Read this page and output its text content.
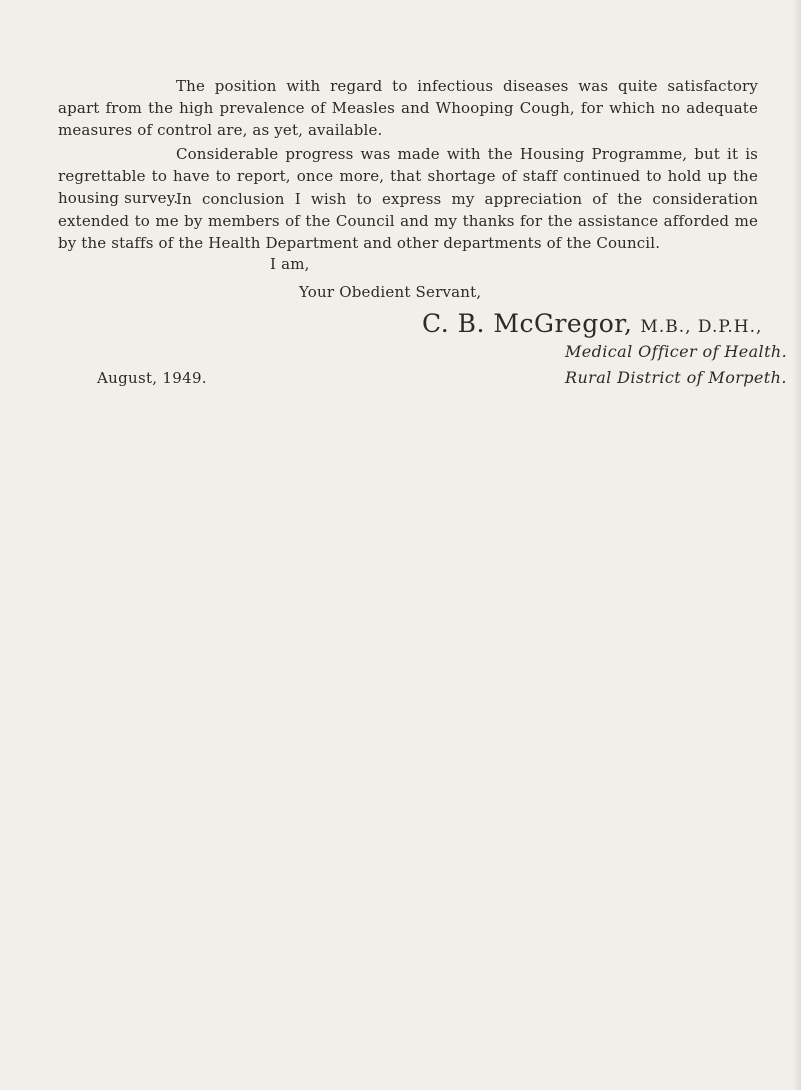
The position with regard to infectious diseases was quite satisfactory apart from the high prevalence of Measles and Whooping Cough, for which no adequate measures of control are, as yet, available.

Considerable progress was made with the Housing Programme, but it is regrettable to have to report, once more, that shortage of staff continued to hold up the housing survey.

In conclusion I wish to express my appreciation of the consideration extended to me by members of the Council and my thanks for the assistance afforded me by the staffs of the Health Department and other departments of the Council.

I am,

Your Obedient Servant,

C. B. McGregor, M.B., D.P.H.,

Medical Officer of Health.

Rural District of Morpeth.

August, 1949.
